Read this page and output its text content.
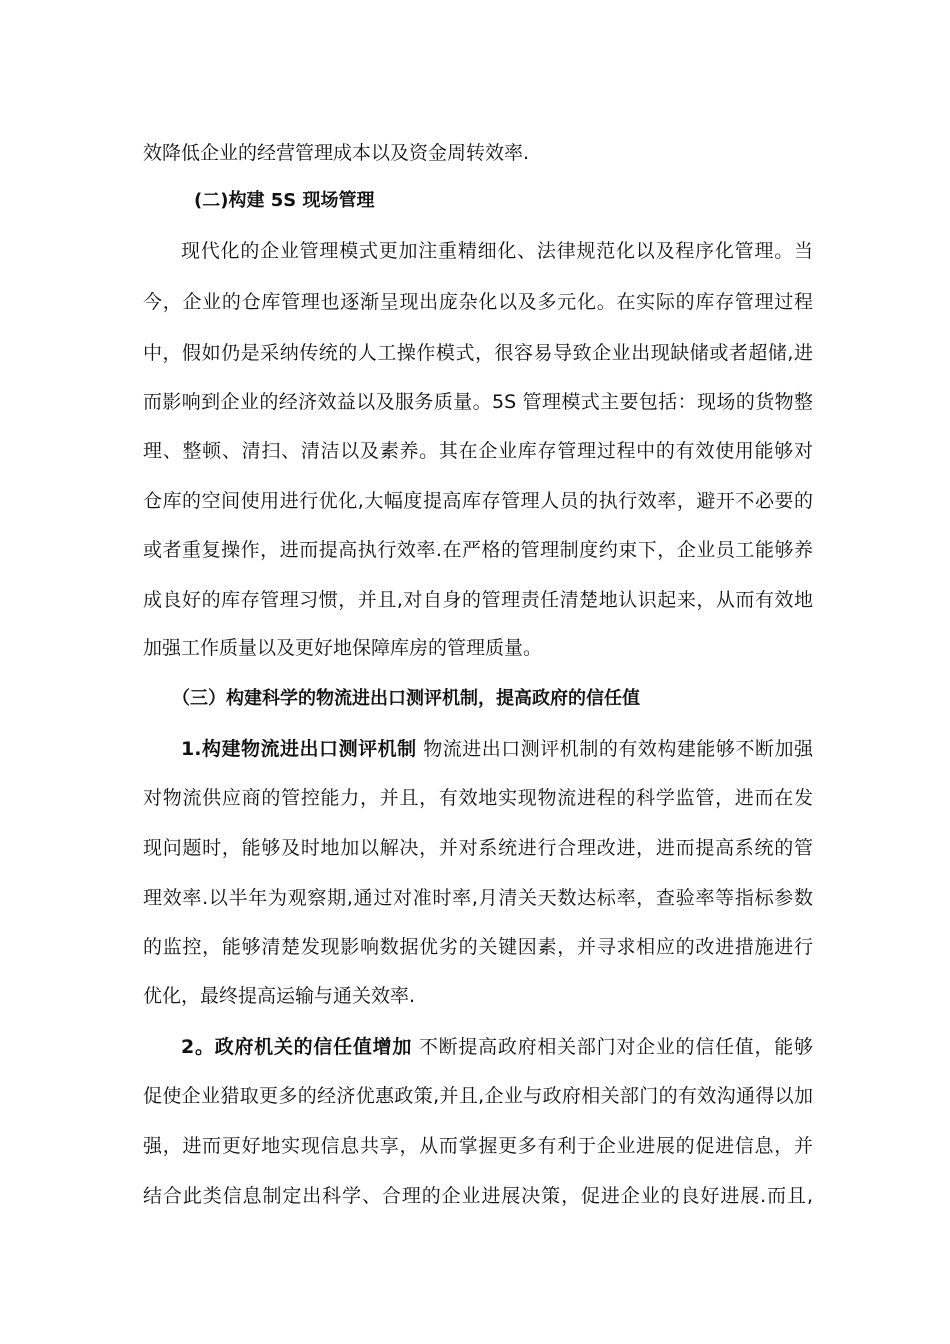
效降低企业的经营管理成本以及资金周转效率.
(二)构建 5S 现场管理
现代化的企业管理模式更加注重精细化、法律规范化以及程序化管理。当
今，企业的仓库管理也逐渐呈现出庞杂化以及多元化。在实际的库存管理过程
中，假如仍是采纳传统的人工操作模式，很容易导致企业出现缺储或者超储,进
而影响到企业的经济效益以及服务质量。5S 管理模式主要包括：现场的货物整
理、整顿、清扫、清洁以及素养。其在企业库存管理过程中的有效使用能够对
仓库的空间使用进行优化,大幅度提高库存管理人员的执行效率，避开不必要的
或者重复操作，进而提高执行效率.在严格的管理制度约束下，企业员工能够养
成良好的库存管理习惯，并且,对自身的管理责任清楚地认识起来，从而有效地
加强工作质量以及更好地保障库房的管理质量。
（三）构建科学的物流进出口测评机制，提高政府的信任值
1.构建物流进出口测评机制 物流进出口测评机制的有效构建能够不断加强
对物流供应商的管控能力，并且，有效地实现物流进程的科学监管，进而在发
现问题时，能够及时地加以解决，并对系统进行合理改进，进而提高系统的管
理效率.以半年为观察期,通过对准时率,月清关天数达标率，查验率等指标参数
的监控，能够清楚发现影响数据优劣的关键因素，并寻求相应的改进措施进行
优化，最终提高运输与通关效率.
2。政府机关的信任值增加 不断提高政府相关部门对企业的信任值，能够
促使企业猎取更多的经济优惠政策,并且,企业与政府相关部门的有效沟通得以加
强，进而更好地实现信息共享，从而掌握更多有利于企业进展的促进信息，并
结合此类信息制定出科学、合理的企业进展决策，促进企业的良好进展.而且,
